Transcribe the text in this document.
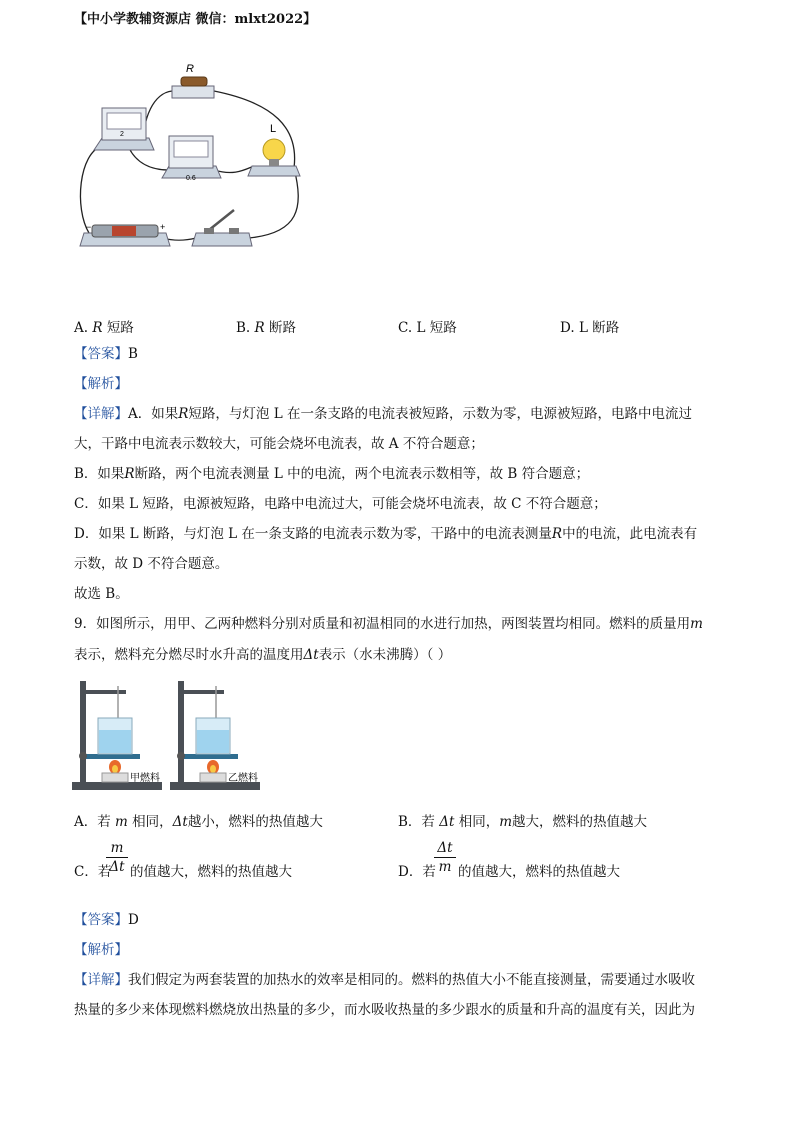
【中小学教辅资源店 微信：mlxt2022】
R
2
0.6
L
−	+
A. R 短路	B. R 断路	C. L 短路	D. L 断路
【答案】B
【解析】
【详解】A．如果R短路，与灯泡 L 在一条支路的电流表被短路，示数为零，电源被短路，电路中电流过
大，干路中电流表示数较大，可能会烧坏电流表，故 A 不符合题意；
B．如果R断路，两个电流表测量 L 中的电流，两个电流表示数相等，故 B 符合题意；
C．如果 L 短路，电源被短路，电路中电流过大，可能会烧坏电流表，故 C 不符合题意；
D．如果 L 断路，与灯泡 L 在一条支路的电流表示数为零，干路中的电流表测量R中的电流，此电流表有
示数，故 D 不符合题意。
故选 B。
9．如图所示，用甲、乙两种燃料分别对质量和初温相同的水进行加热，两图装置均相同。燃料的质量用m
表示，燃料充分燃尽时水升高的温度用Δt表示（水未沸腾）（ ）
甲燃料	乙燃料
A．若 m 相同，Δt越小，燃料的热值越大	B．若 Δt 相同，m越大，燃料的热值越大
C．若
m
Δt 的值越大，燃料的热值越大	D．若
Δt
m 的值越大，燃料的热值越大
【答案】D
【解析】
【详解】我们假定为两套装置的加热水的效率是相同的。燃料的热值大小不能直接测量，需要通过水吸收
热量的多少来体现燃料燃烧放出热量的多少，而水吸收热量的多少跟水的质量和升高的温度有关，因此为
